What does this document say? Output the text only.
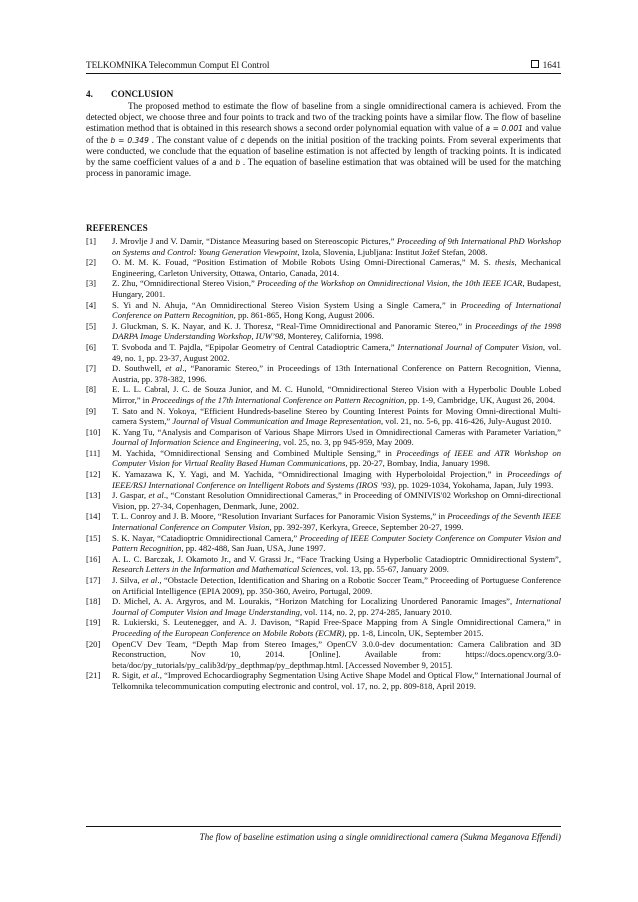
TELKOMNIKA Telecommun Comput El Control	1641
4. CONCLUSION

The proposed method to estimate the flow of baseline from a single omnidirectional camera is achieved. From the detected object, we choose three and four points to track and two of the tracking points have a similar flow. The flow of baseline estimation method that is obtained in this research shows a second order polynomial equation with value of a = 0.001 and value of the b = 0.349 . The constant value of c depends on the initial position of the tracking points. From several experiments that were conducted, we conclude that the equation of baseline estimation is not affected by length of tracking points. It is indicated by the same coefficient values of a and b . The equation of baseline estimation that was obtained will be used for the matching process in panoramic image.

REFERENCES
[1] J. Mrovlje J and V. Damir, “Distance Measuring based on Stereoscopic Pictures,” Proceeding of 9th International PhD Workshop on Systems and Control: Young Generation Viewpoint, Izola, Slovenia, Ljubljana: Institut Jožef Stefan, 2008.
[2] O. M. M. K. Fouad, “Position Estimation of Mobile Robots Using Omni-Directional Cameras,” M. S. thesis, Mechanical Engineering, Carleton University, Ottawa, Ontario, Canada, 2014.
[3] Z. Zhu, “Omnidirectional Stereo Vision,” Proceeding of the Workshop on Omnidirectional Vision, the 10th IEEE ICAR, Budapest, Hungary, 2001.
[4] S. Yi and N. Ahuja, “An Omnidirectional Stereo Vision System Using a Single Camera,” in Proceeding of International Conference on Pattern Recognition, pp. 861-865, Hong Kong, August 2006.
[5] J. Gluckman, S. K. Nayar, and K. J. Thoresz, “Real-Time Omnidirectional and Panoramic Stereo,” in Proceedings of the 1998 DARPA Image Understanding Workshop, IUW’98, Monterey, California, 1998.
[6] T. Svoboda and T. Pajdla, “Epipolar Geometry of Central Catadioptric Camera,” International Journal of Computer Vision, vol. 49, no. 1, pp. 23-37, August 2002.
[7] D. Southwell, et al., “Panoramic Stereo,” in Proceedings of 13th International Conference on Pattern Recognition, Vienna, Austria, pp. 378-382, 1996.
[8] E. L. L. Cabral, J. C. de Souza Junior, and M. C. Hunold, “Omnidirectional Stereo Vision with a Hyperbolic Double Lobed Mirror,” in Proceedings of the 17th International Conference on Pattern Recognition, pp. 1-9, Cambridge, UK, August 26, 2004.
[9] T. Sato and N. Yokoya, “Efficient Hundreds-baseline Stereo by Counting Interest Points for Moving Omni-directional Multi-camera System,” Journal of Visual Communication and Image Representation, vol. 21, no. 5-6, pp. 416-426, July-August 2010.
[10] K. Yang Tu, “Analysis and Comparison of Various Shape Mirrors Used in Omnidirectional Cameras with Parameter Variation,” Journal of Information Science and Engineering, vol. 25, no. 3, pp 945-959, May 2009.
[11] M. Yachida, “Omnidirectional Sensing and Combined Multiple Sensing,” in Proceedings of IEEE and ATR Workshop on Computer Vision for Virtual Reality Based Human Communications, pp. 20-27, Bombay, India, January 1998.
[12] K. Yamazawa K, Y. Yagi, and M. Yachida, “Omnidirectional Imaging with Hyperboloidal Projection,” in Proceedings of IEEE/RSJ International Conference on Intelligent Robots and Systems (IROS ’93), pp. 1029-1034, Yokohama, Japan, July 1993.
[13] J. Gaspar, et al., “Constant Resolution Omnidirectional Cameras,” in Proceeding of OMNIVIS'02 Workshop on Omni-directional Vision, pp. 27-34, Copenhagen, Denmark, June, 2002.
[14] T. L. Conroy and J. B. Moore, “Resolution Invariant Surfaces for Panoramic Vision Systems,” in Proceedings of the Seventh IEEE International Conference on Computer Vision, pp. 392-397, Kerkyra, Greece, September 20-27, 1999.
[15] S. K. Nayar, “Catadioptric Omnidirectional Camera,” Proceeding of IEEE Computer Society Conference on Computer Vision and Pattern Recognition, pp. 482-488, San Juan, USA, June 1997.
[16] A. L. C. Barczak, J. Okamoto Jr., and V. Grassi Jr., “Face Tracking Using a Hyperbolic Catadioptric Omnidirectional System”, Research Letters in the Information and Mathematical Sciences, vol. 13, pp. 55-67, January 2009.
[17] J. Silva, et al., “Obstacle Detection, Identification and Sharing on a Robotic Soccer Team,” Proceeding of Portuguese Conference on Artificial Intelligence (EPIA 2009), pp. 350-360, Aveiro, Portugal, 2009.
[18] D. Michel, A. A. Argyros, and M. Lourakis, “Horizon Matching for Localizing Unordered Panoramic Images”, International Journal of Computer Vision and Image Understanding, vol. 114, no. 2, pp. 274-285, January 2010.
[19] R. Lukierski, S. Leutenegger, and A. J. Davison, “Rapid Free-Space Mapping from A Single Omnidirectional Camera,” in Proceeding of the European Conference on Mobile Robots (ECMR), pp. 1-8, Lincoln, UK, September 2015.
[20] OpenCV Dev Team, “Depth Map from Stereo Images,” OpenCV 3.0.0-dev documentation: Camera Calibration and 3D Reconstruction, Nov 10, 2014. [Online]. Available from: https://docs.opencv.org/3.0-beta/doc/py_tutorials/py_calib3d/py_depthmap/py_depthmap.html. [Accessed November 9, 2015].
[21] R. Sigit, et al., “Improved Echocardiography Segmentation Using Active Shape Model and Optical Flow,” International Journal of Telkomnika telecommunication computing electronic and control, vol. 17, no. 2, pp. 809-818, April 2019.
The flow of baseline estimation using a single omnidirectional camera (Sukma Meganova Effendi)
